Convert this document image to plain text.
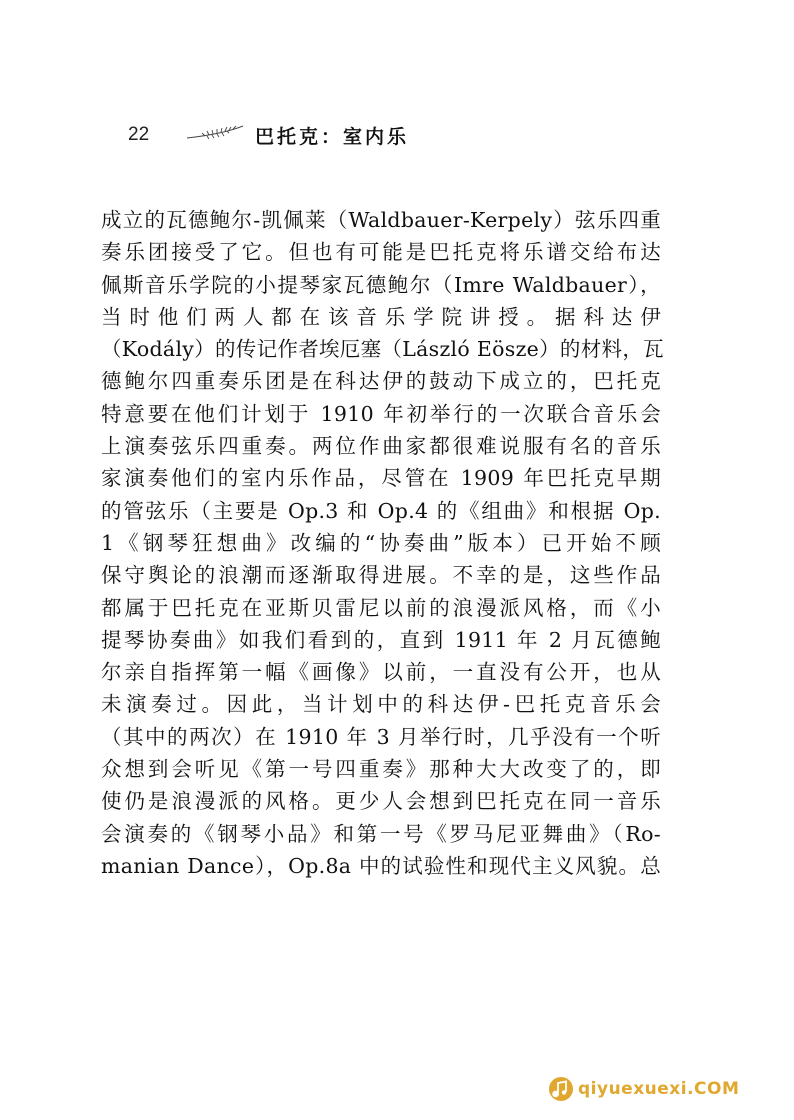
22	巴托克：室内乐
成立的瓦德鲍尔-凯佩莱（Waldbauer-Kerpely）弦乐四重
奏乐团接受了它。但也有可能是巴托克将乐谱交给布达
佩斯音乐学院的小提琴家瓦德鲍尔（Imre Waldbauer），
当时他们两人都在该音乐学院讲授。据科达伊
（Kodály）的传记作者埃厄塞（László Eösze）的材料，瓦
德鲍尔四重奏乐团是在科达伊的鼓动下成立的，巴托克
特意要在他们计划于 1910 年初举行的一次联合音乐会
上演奏弦乐四重奏。两位作曲家都很难说服有名的音乐
家演奏他们的室内乐作品，尽管在 1909 年巴托克早期
的管弦乐（主要是 Op.3 和 Op.4 的《组曲》和根据 Op.
1《钢琴狂想曲》改编的“协奏曲”版本）已开始不顾
保守舆论的浪潮而逐渐取得进展。不幸的是，这些作品
都属于巴托克在亚斯贝雷尼以前的浪漫派风格，而《小
提琴协奏曲》如我们看到的，直到 1911 年 2 月瓦德鲍
尔亲自指挥第一幅《画像》以前，一直没有公开，也从
未演奏过。因此，当计划中的科达伊-巴托克音乐会
（其中的两次）在 1910 年 3 月举行时，几乎没有一个听
众想到会听见《第一号四重奏》那种大大改变了的，即
使仍是浪漫派的风格。更少人会想到巴托克在同一音乐
会演奏的《钢琴小品》和第一号《罗马尼亚舞曲》（Ro-
manian Dance），Op.8a 中的试验性和现代主义风貌。总
qiyuexuexi.COM
